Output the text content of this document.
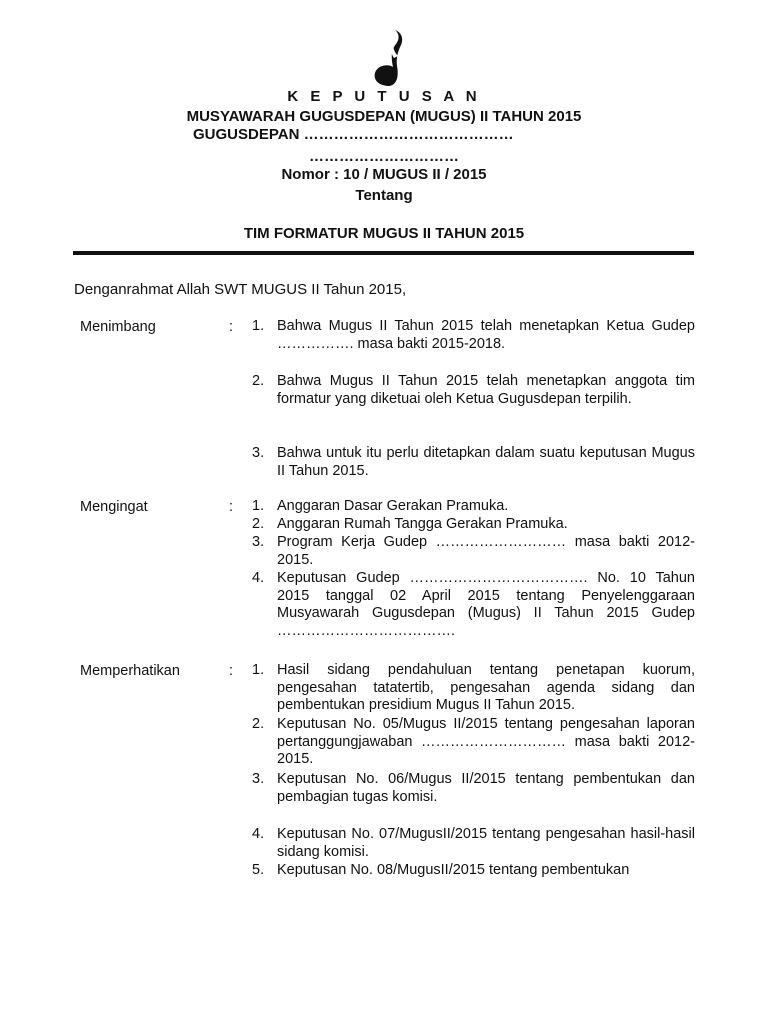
K E P U T U S A N
MUSYAWARAH GUGUSDEPAN (MUGUS) II TAHUN 2015
GUGUSDEPAN ……………………………………
…………………………
Nomor : 10 / MUGUS II / 2015
Tentang
TIM FORMATUR MUGUS II TAHUN 2015
Denganrahmat Allah SWT MUGUS II Tahun 2015,
Menimbang	: 1. Bahwa Mugus II Tahun 2015 telah menetapkan Ketua Gudep ……………. masa bakti 2015-2018.
2. Bahwa Mugus II Tahun 2015 telah menetapkan anggota tim formatur yang diketuai oleh Ketua Gugusdepan terpilih.
3. Bahwa untuk itu perlu ditetapkan dalam suatu keputusan Mugus II Tahun 2015.
Mengingat	: 1. Anggaran Dasar Gerakan Pramuka.
2. Anggaran Rumah Tangga Gerakan Pramuka.
3. Program Kerja Gudep ……………………… masa bakti 2012-2015.
4. Keputusan Gudep ………………………………. No. 10 Tahun 2015 tanggal 02 April 2015 tentang Penyelenggaraan Musyawarah Gugusdepan (Mugus) II Tahun 2015 Gudep ……………………………….
Memperhatikan	: 1. Hasil sidang pendahuluan tentang penetapan kuorum, pengesahan tatatertib, pengesahan agenda sidang dan pembentukan presidium Mugus II Tahun 2015.
2. Keputusan No. 05/Mugus II/2015 tentang pengesahan laporan pertanggungjawaban ………………………… masa bakti 2012-2015.
3. Keputusan No. 06/Mugus II/2015 tentang pembentukan dan pembagian tugas komisi.
4. Keputusan No. 07/MugusII/2015 tentang pengesahan hasil-hasil sidang komisi.
5. Keputusan No. 08/MugusII/2015 tentang pembentukan
